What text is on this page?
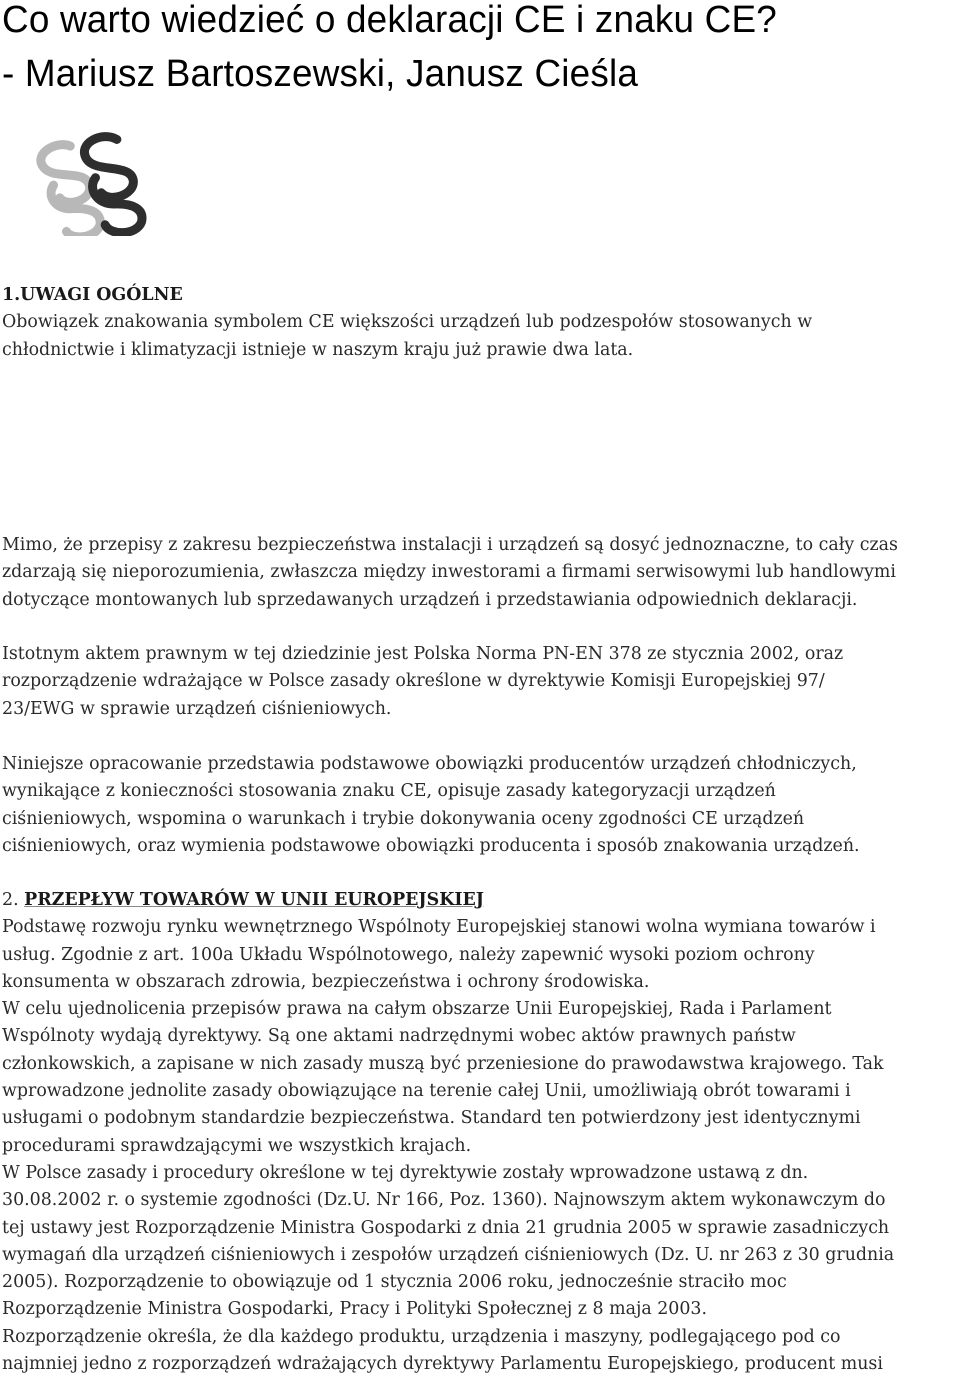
Co warto wiedzieć o deklaracji CE i znaku CE?
- Mariusz Bartoszewski, Janusz Cieśla

1.UWAGI OGÓLNE

Obowiązek znakowania symbolem CE większości urządzeń lub podzespołów stosowanych w
chłodnictwie i klimatyzacji istnieje w naszym kraju już prawie dwa lata.

Mimo, że przepisy z zakresu bezpieczeństwa instalacji i urządzeń są dosyć jednoznaczne, to cały czas
zdarzają się nieporozumienia, zwłaszcza między inwestorami a firmami serwisowymi lub handlowymi
dotyczące montowanych lub sprzedawanych urządzeń i przedstawiania odpowiednich deklaracji.
Istotnym aktem prawnym w tej dziedzinie jest Polska Norma PN-EN 378 ze stycznia 2002, oraz
rozporządzenie wdrażające w Polsce zasady określone w dyrektywie Komisji Europejskiej 97/
23/EWG w sprawie urządzeń ciśnieniowych.
Niniejsze opracowanie przedstawia podstawowe obowiązki producentów urządzeń chłodniczych,
wynikające z konieczności stosowania znaku CE, opisuje zasady kategoryzacji urządzeń
ciśnieniowych, wspomina o warunkach i trybie dokonywania oceny zgodności CE urządzeń
ciśnieniowych, oraz wymienia podstawowe obowiązki producenta i sposób znakowania urządzeń.

2. PRZEPŁYW TOWARÓW W UNII EUROPEJSKIEJ

Podstawę rozwoju rynku wewnętrznego Wspólnoty Europejskiej stanowi wolna wymiana towarów i
usług. Zgodnie z art. 100a Układu Wspólnotowego, należy zapewnić wysoki poziom ochrony
konsumenta w obszarach zdrowia, bezpieczeństwa i ochrony środowiska.
W celu ujednolicenia przepisów prawa na całym obszarze Unii Europejskiej, Rada i Parlament
Wspólnoty wydają dyrektywy. Są one aktami nadrzędnymi wobec aktów prawnych państw
członkowskich, a zapisane w nich zasady muszą być przeniesione do prawodawstwa krajowego. Tak
wprowadzone jednolite zasady obowiązujące na terenie całej Unii, umożliwiają obrót towarami i
usługami o podobnym standardzie bezpieczeństwa. Standard ten potwierdzony jest identycznymi
procedurami sprawdzającymi we wszystkich krajach.
W Polsce zasady i procedury określone w tej dyrektywie zostały wprowadzone ustawą z dn.
30.08.2002 r. o systemie zgodności (Dz.U. Nr 166, Poz. 1360). Najnowszym aktem wykonawczym do
tej ustawy jest Rozporządzenie Ministra Gospodarki z dnia 21 grudnia 2005 w sprawie zasadniczych
wymagań dla urządzeń ciśnieniowych i zespołów urządzeń ciśnieniowych (Dz. U. nr 263 z 30 grudnia
2005). Rozporządzenie to obowiązuje od 1 stycznia 2006 roku, jednocześnie straciło moc
Rozporządzenie Ministra Gospodarki, Pracy i Polityki Społecznej z 8 maja 2003.
Rozporządzenie określa, że dla każdego produktu, urządzenia i maszyny, podlegającego pod co
najmniej jedno z rozporządzeń wdrażających dyrektywy Parlamentu Europejskiego, producent musi
